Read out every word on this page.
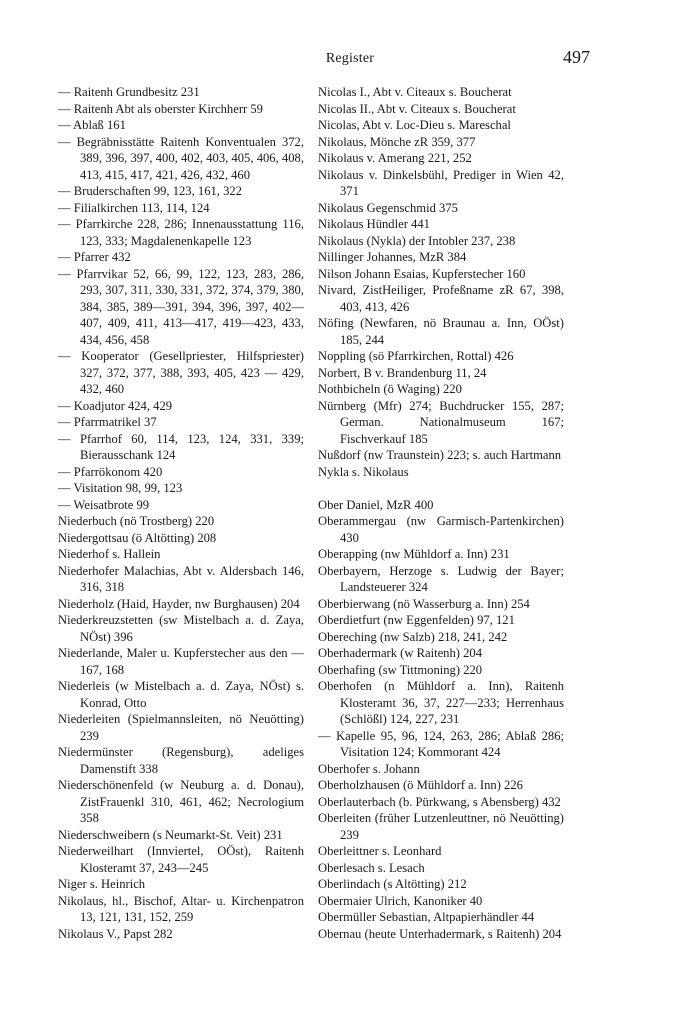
Register	497
— Raitenh Grundbesitz 231
— Raitenh Abt als oberster Kirchherr 59
— Ablaß 161
— Begräbnisstätte Raitenh Konventualen 372, 389, 396, 397, 400, 402, 403, 405, 406, 408, 413, 415, 417, 421, 426, 432, 460
— Bruderschaften 99, 123, 161, 322
— Filialkirchen 113, 114, 124
— Pfarrkirche 228, 286; Innenausstattung 116, 123, 333; Magdalenenkapelle 123
— Pfarrer 432
— Pfarrvikar 52, 66, 99, 122, 123, 283, 286, 293, 307, 311, 330, 331, 372, 374, 379, 380, 384, 385, 389—391, 394, 396, 397, 402—407, 409, 411, 413—417, 419—423, 433, 434, 456, 458
— Kooperator (Gesellpriester, Hilfspriester) 327, 372, 377, 388, 393, 405, 423 — 429, 432, 460
— Koadjutor 424, 429
— Pfarrmatrikel 37
— Pfarrhof 60, 114, 123, 124, 331, 339; Bierausschank 124
— Pfarrökonom 420
— Visitation 98, 99, 123
— Weisatbrote 99
Niederbuch (nö Trostberg) 220
Niedergottsau (ö Altötting) 208
Niederhof s. Hallein
Niederhofer Malachias, Abt v. Aldersbach 146, 316, 318
Niederholz (Haid, Hayder, nw Burghausen) 204
Niederkreuzstetten (sw Mistelbach a. d. Zaya, NÖst) 396
Niederlande, Maler u. Kupferstecher aus den — 167, 168
Niederleis (w Mistelbach a. d. Zaya, NÖst) s. Konrad, Otto
Niederleiten (Spielmannsleiten, nö Neuötting) 239
Niedermünster (Regensburg), adeliges Damenstift 338
Niederschönenfeld (w Neuburg a. d. Donau), ZistFrauenkl 310, 461, 462; Necrologium 358
Niederschweibern (s Neumarkt-St. Veit) 231
Niederweilhart (Innviertel, OÖst), Raitenh Klosteramt 37, 243—245
Niger s. Heinrich
Nikolaus, hl., Bischof, Altar- u. Kirchenpatron 13, 121, 131, 152, 259
Nikolaus V., Papst 282
Nicolas I., Abt v. Citeaux s. Boucherat
Nicolas II., Abt v. Citeaux s. Boucherat
Nicolas, Abt v. Loc-Dieu s. Mareschal
Nikolaus, Mönche zR 359, 377
Nikolaus v. Amerang 221, 252
Nikolaus v. Dinkelsbühl, Prediger in Wien 42, 371
Nikolaus Gegenschmid 375
Nikolaus Hündler 441
Nikolaus (Nykla) der Intobler 237, 238
Nillinger Johannes, MzR 384
Nilson Johann Esaias, Kupferstecher 160
Nivard, ZistHeiliger, Profeßname zR 67, 398, 403, 413, 426
Nöfing (Newfaren, nö Braunau a. Inn, OÖst) 185, 244
Noppling (sö Pfarrkirchen, Rottal) 426
Norbert, B v. Brandenburg 11, 24
Nothbicheln (ö Waging) 220
Nürnberg (Mfr) 274; Buchdrucker 155, 287; German. Nationalmuseum 167; Fischverkauf 185
Nußdorf (nw Traunstein) 223; s. auch Hartmann
Nykla s. Nikolaus
Ober Daniel, MzR 400
Oberammergau (nw Garmisch-Partenkirchen) 430
Oberapping (nw Mühldorf a. Inn) 231
Oberbayern, Herzoge s. Ludwig der Bayer; Landsteuerer 324
Oberbierwang (nö Wasserburg a. Inn) 254
Oberdietfurt (nw Eggenfelden) 97, 121
Obereching (nw Salzb) 218, 241, 242
Oberhadermark (w Raitenh) 204
Oberhafing (sw Tittmoning) 220
Oberhofen (n Mühldorf a. Inn), Raitenh Klosteramt 36, 37, 227—233; Herrenhaus (Schlößl) 124, 227, 231
— Kapelle 95, 96, 124, 263, 286; Ablaß 286; Visitation 124; Kommorant 424
Oberhofer s. Johann
Oberholzhausen (ö Mühldorf a. Inn) 226
Oberlauterbach (b. Pürkwang, s Abensberg) 432
Oberleiten (früher Lutzenleuttner, nö Neuötting) 239
Oberleittner s. Leonhard
Oberlesach s. Lesach
Oberlindach (s Altötting) 212
Obermaier Ulrich, Kanoniker 40
Obermüller Sebastian, Altpapierhändler 44
Obernau (heute Unterhadermark, s Raitenh) 204
